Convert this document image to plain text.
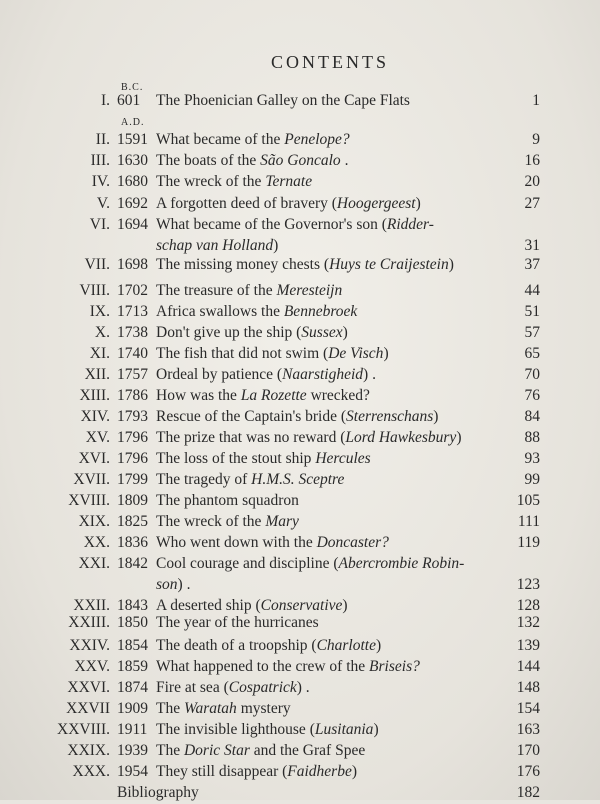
CONTENTS
B.C.
A.D.
I. 601 The Phoenician Galley on the Cape Flats	1
II. 1591 What became of the Penelope?	9
III. 1630 The boats of the São Goncalo .	16
IV. 1680 The wreck of the Ternate	20
V. 1692 A forgotten deed of bravery (Hoogergeest)	27
VI. 1694 What became of the Governor's son (Ridder-
schap van Holland)	31
VII. 1698 The missing money chests (Huys te Craijestein)	37
VIII. 1702 The treasure of the Meresteijn	44
IX. 1713 Africa swallows the Bennebroek	51
X. 1738 Don't give up the ship (Sussex)	57
XI. 1740 The fish that did not swim (De Visch)	65
XII. 1757 Ordeal by patience (Naarstigheid) .	70
XIII. 1786 How was the La Rozette wrecked?	76
XIV. 1793 Rescue of the Captain's bride (Sterrenschans)	84
XV. 1796 The prize that was no reward (Lord Hawkesbury)	88
XVI. 1796 The loss of the stout ship Hercules	93
XVII. 1799 The tragedy of H.M.S. Sceptre	99
XVIII. 1809 The phantom squadron	105
XIX. 1825 The wreck of the Mary	111
XX. 1836 Who went down with the Doncaster?	119
XXI. 1842 Cool courage and discipline (Abercrombie Robin-
son) .	123
XXII. 1843 A deserted ship (Conservative)	128
XXIII. 1850 The year of the hurricanes	132
XXIV. 1854 The death of a troopship (Charlotte)	139
XXV. 1859 What happened to the crew of the Briseis?	144
XXVI. 1874 Fire at sea (Cospatrick) .	148
XXVII 1909 The Waratah mystery	154
XXVIII. 1911 The invisible lighthouse (Lusitania)	163
XXIX. 1939 The Doric Star and the Graf Spee	170
XXX. 1954 They still disappear (Faidherbe)	176
Bibliography	182
